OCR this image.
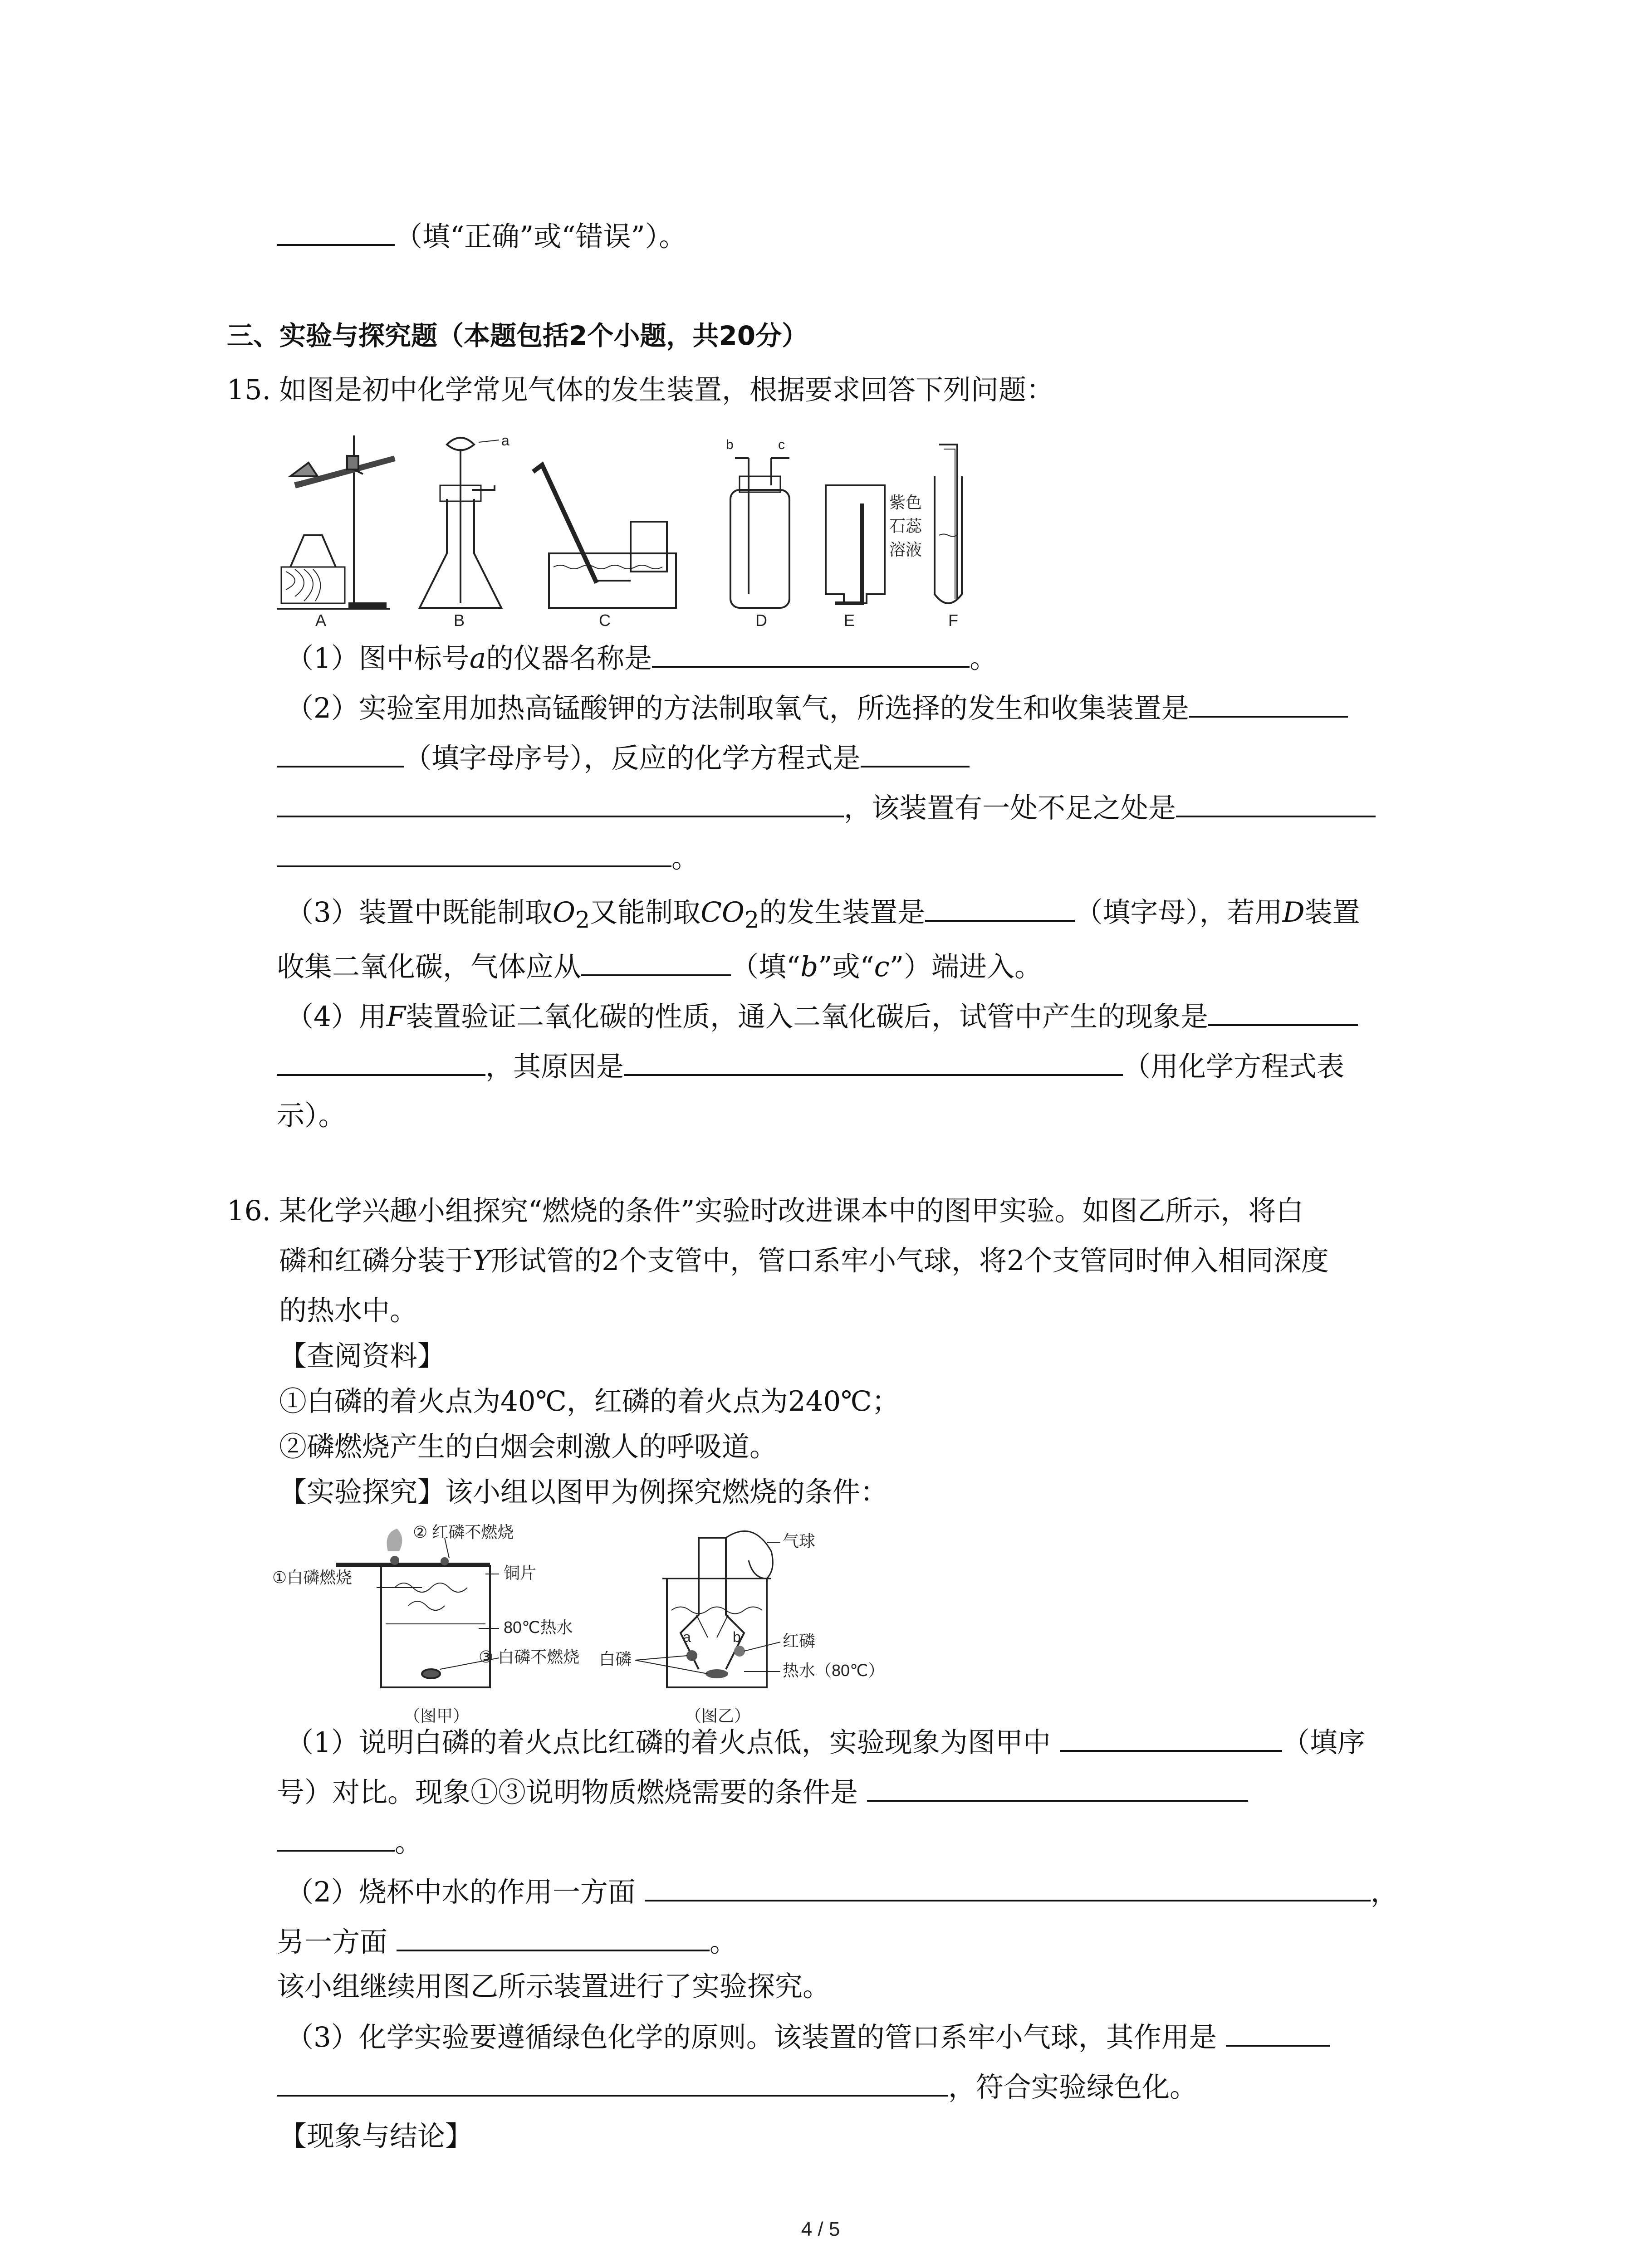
（填“正确”或“错误”）。
三、实验与探究题（本题包括2个小题，共20分）
15. 如图是初中化学常见气体的发生装置，根据要求回答下列问题：
A
a
B	C
b	c
D	E
紫色
石蕊
溶液
F
（1）图中标号a的仪器名称是	。
（2）实验室用加热高锰酸钾的方法制取氧气，所选择的发生和收集装置是
（填字母序号），反应的化学方程式是
，该装置有一处不足之处是
。
（3）装置中既能制取$O_2$又能制取$CO_2$的发生装置是	（填字母），若用D装置
收集二氧化碳，气体应从	（填“b”或“c”）端进入。
（4）用F装置验证二氧化碳的性质，通入二氧化碳后，试管中产生的现象是
，其原因是	（用化学方程式表
示）。
16. 某化学兴趣小组探究“燃烧的条件”实验时改进课本中的图甲实验。如图乙所示，将白
磷和红磷分装于Y形试管的2个支管中，管口系牢小气球，将2个支管同时伸入相同深度
的热水中。
【查阅资料】
①白磷的着火点为40℃，红磷的着火点为240℃；
②磷燃烧产生的白烟会刺激人的呼吸道。
【实验探究】该小组以图甲为例探究燃烧的条件：
①白磷燃烧
② 红磷不燃烧
铜片
80℃热水
③ 白磷不燃烧
（图甲）
a	b
气球
红磷
白磷
热水（80℃）
（图乙）
（1）说明白磷的着火点比红磷的着火点低，实验现象为图甲中	（填序
号）对比。现象①③说明物质燃烧需要的条件是
。
（2）烧杯中水的作用一方面	，
另一方面	。
该小组继续用图乙所示装置进行了实验探究。
（3）化学实验要遵循绿色化学的原则。该装置的管口系牢小气球，其作用是
，符合实验绿色化。
【现象与结论】
4 / 5
